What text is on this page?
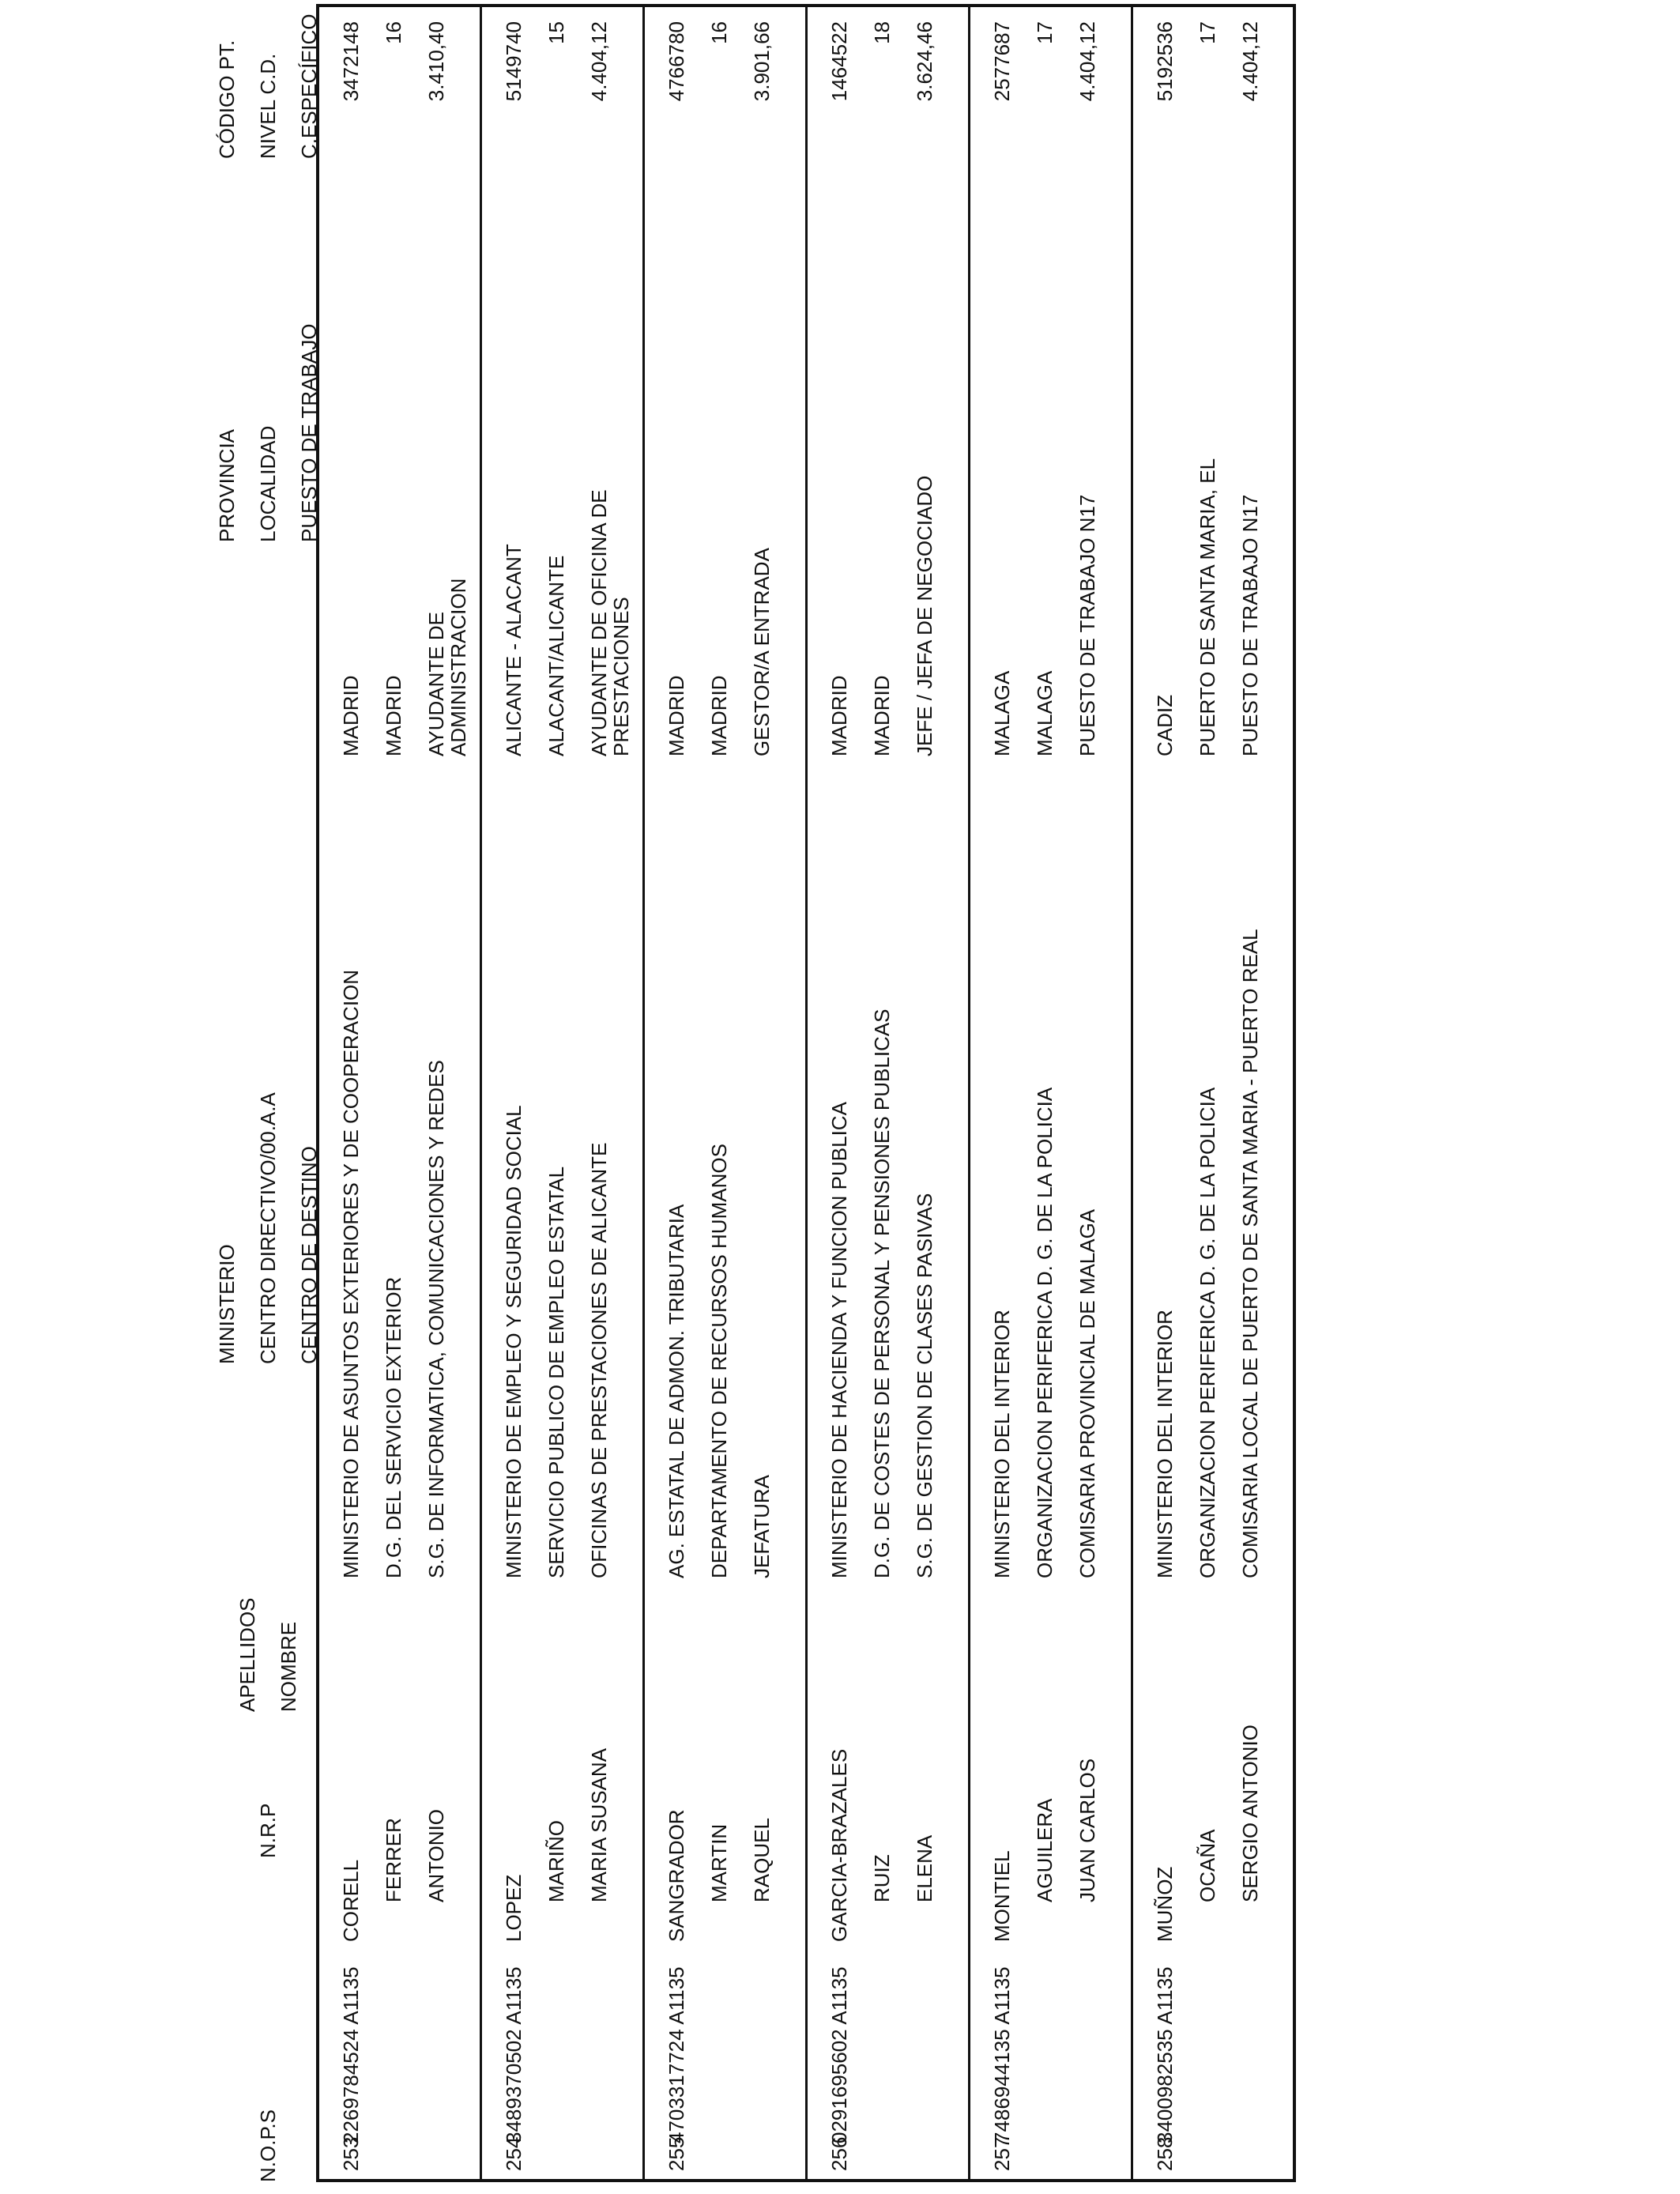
N.O.P.S

N.R.P

APELLIDOS NOMBRE

MINISTERIO CENTRO DIRECTIVO/00.A.A CENTRO DE DESTINO

PROVINCIA LOCALIDAD PUESTO DE TRABAJO

CÓDIGO PT. NIVEL C.D. C.ESPECÍFICO

253
2269784524 A1135
CORELL FERRER ANTONIO
MINISTERIO DE ASUNTOS EXTERIORES Y DE COOPERACION D.G. DEL SERVICIO EXTERIOR S.G. DE INFORMATICA, COMUNICACIONES Y REDES
MADRID MADRID AYUDANTE DE ADMINISTRACION
3472148 16 3.410,40
254
3489370502 A1135
LOPEZ
MARIÑO MARIA SUSANA
MINISTERIO DE EMPLEO Y SEGURIDAD SOCIAL SERVICIO PUBLICO DE EMPLEO ESTATAL OFICINAS DE PRESTACIONES DE ALICANTE
ALICANTE - ALACANT ALACANT/ALICANTE AYUDANTE DE OFICINA DE PRESTACIONES
5149740 15 4.404,12
255
4703317724 A1135
SANGRADOR MARTIN RAQUEL
AG. ESTATAL DE ADMON. TRIBUTARIA DEPARTAMENTO DE RECURSOS HUMANOS JEFATURA
MADRID MADRID GESTOR/A ENTRADA
4766780 16 3.901,66
256
0291695602 A1135
GARCIA-BRAZALES RUIZ ELENA
MINISTERIO DE HACIENDA Y FUNCION PUBLICA D.G. DE COSTES DE PERSONAL Y PENSIONES PUBLICAS S.G. DE GESTION DE CLASES PASIVAS
MADRID MADRID JEFE / JEFA DE NEGOCIADO
1464522 18 3.624,46
257
7486944135 A1135
MONTIEL AGUILERA JUAN CARLOS
MINISTERIO DEL INTERIOR ORGANIZACION PERIFERICA D. G. DE LA POLICIA COMISARIA PROVINCIAL DE MALAGA
MALAGA MALAGA PUESTO DE TRABAJO N17
2577687 17 4.404,12
258
3400982535 A1135
MUÑOZ
OCAÑA SERGIO ANTONIO
MINISTERIO DEL INTERIOR ORGANIZACION PERIFERICA D. G. DE LA POLICIA COMISARIA LOCAL DE PUERTO DE SANTA MARIA - PUERTO REAL
CADIZ PUERTO DE SANTA MARIA, EL PUESTO DE TRABAJO N17
5192536 17 4.404,12
